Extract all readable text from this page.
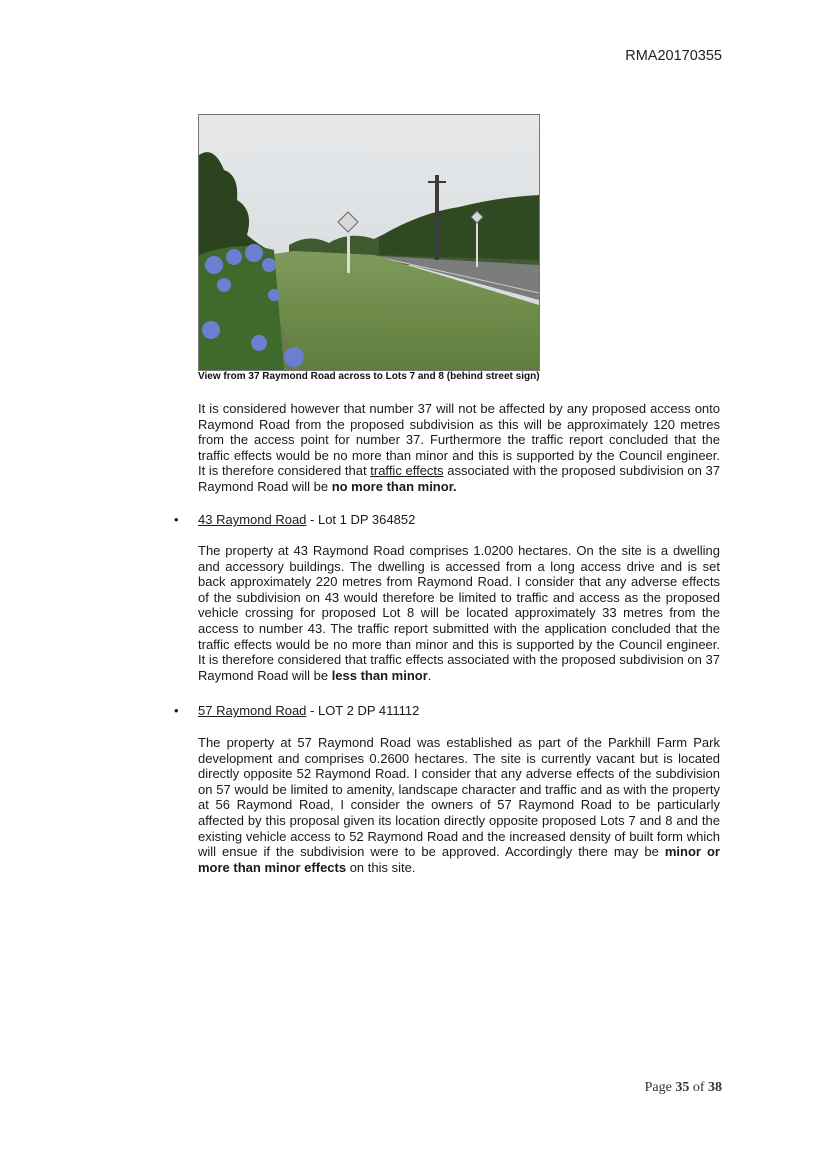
RMA20170355
View from 37 Raymond Road across to Lots 7 and 8 (behind street sign)

It is considered however that number 37 will not be affected by any proposed access onto Raymond Road from the proposed subdivision as this will be approximately 120 metres from the access point for number 37. Furthermore the traffic report concluded that the traffic effects would be no more than minor and this is supported by the Council engineer. It is therefore considered that traffic effects associated with the proposed subdivision on 37 Raymond Road will be no more than minor.

• 43 Raymond Road - Lot 1 DP 364852

The property at 43 Raymond Road comprises 1.0200 hectares. On the site is a dwelling and accessory buildings. The dwelling is accessed from a long access drive and is set back approximately 220 metres from Raymond Road. I consider that any adverse effects of the subdivision on 43 would therefore be limited to traffic and access as the proposed vehicle crossing for proposed Lot 8 will be located approximately 33 metres from the access to number 43. The traffic report submitted with the application concluded that the traffic effects would be no more than minor and this is supported by the Council engineer. It is therefore considered that traffic effects associated with the proposed subdivision on 37 Raymond Road will be less than minor.

• 57 Raymond Road - LOT 2 DP 411112

The property at 57 Raymond Road was established as part of the Parkhill Farm Park development and comprises 0.2600 hectares. The site is currently vacant but is located directly opposite 52 Raymond Road. I consider that any adverse effects of the subdivision on 57 would be limited to amenity, landscape character and traffic and as with the property at 56 Raymond Road, I consider the owners of 57 Raymond Road to be particularly affected by this proposal given its location directly opposite proposed Lots 7 and 8 and the existing vehicle access to 52 Raymond Road and the increased density of built form which will ensue if the subdivision were to be approved. Accordingly there may be minor or more than minor effects on this site.

Page 35 of 38
